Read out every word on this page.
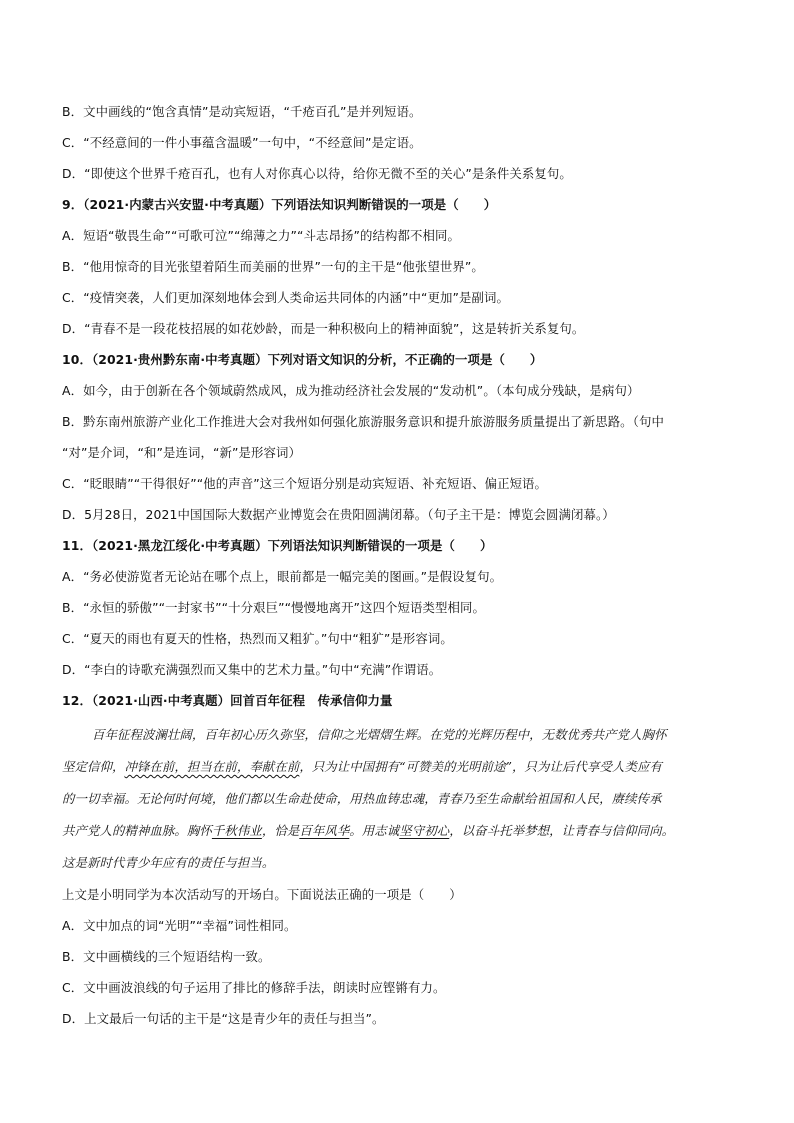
B．文中画线的“饱含真情”是动宾短语，“千疮百孔”是并列短语。
C．“不经意间的一件小事蕴含温暖”一句中，“不经意间”是定语。
D．“即使这个世界千疮百孔，也有人对你真心以待，给你无微不至的关心”是条件关系复句。
9．（2021·内蒙古兴安盟·中考真题）下列语法知识判断错误的一项是（　　）
A．短语“敬畏生命”“可歌可泣”“绵薄之力”“斗志昂扬”的结构都不相同。
B．“他用惊奇的目光张望着陌生而美丽的世界”一句的主干是“他张望世界”。
C．“疫情突袭，人们更加深刻地体会到人类命运共同体的内涵”中“更加”是副词。
D．“青春不是一段花枝招展的如花妙龄，而是一种积极向上的精神面貌”，这是转折关系复句。
10．（2021·贵州黔东南·中考真题）下列对语文知识的分析，不正确的一项是（　　）
A．如今，由于创新在各个领域蔚然成风，成为推动经济社会发展的“发动机”。（本句成分残缺，是病句）
B．黔东南州旅游产业化工作推进大会对我州如何强化旅游服务意识和提升旅游服务质量提出了新思路。（句中
“对”是介词，“和”是连词，“新”是形容词）
C．“眨眼睛”“干得很好”“他的声音”这三个短语分别是动宾短语、补充短语、偏正短语。
D．5月28日，2021中国国际大数据产业博览会在贵阳圆满闭幕。（句子主干是：博览会圆满闭幕。）
11．（2021·黑龙江绥化·中考真题）下列语法知识判断错误的一项是（　　）
A．“务必使游览者无论站在哪个点上，眼前都是一幅完美的图画。”是假设复句。
B．“永恒的骄傲”“一封家书”“十分艰巨”“慢慢地离开”这四个短语类型相同。
C．“夏天的雨也有夏天的性格，热烈而又粗犷。”句中“粗犷”是形容词。
D．“李白的诗歌充满强烈而又集中的艺术力量。”句中“充满”作谓语。
12．（2021·山西·中考真题）回首百年征程　传承信仰力量
百年征程波澜壮阔，百年初心历久弥坚，信仰之光熠熠生辉。在党的光辉历程中，无数优秀共产党人胸怀
坚定信仰，冲锋在前，担当在前，奉献在前，只为让中国拥有“可赞美的光明前途”，只为让后代享受人类应有
的一切幸福。无论何时何境，他们都以生命赴使命，用热血铸忠魂，青春乃至生命献给祖国和人民，赓续传承
共产党人的精神血脉。胸怀千秋伟业，恰是百年风华。用志诚坚守初心，以奋斗托举梦想，让青春与信仰同向。
这是新时代青少年应有的责任与担当。
上文是小明同学为本次活动写的开场白。下面说法正确的一项是（　　）
A．文中加点的词“光明”“幸福”词性相同。
B．文中画横线的三个短语结构一致。
C．文中画波浪线的句子运用了排比的修辞手法，朗读时应铿锵有力。
D．上文最后一句话的主干是“这是青少年的责任与担当”。
